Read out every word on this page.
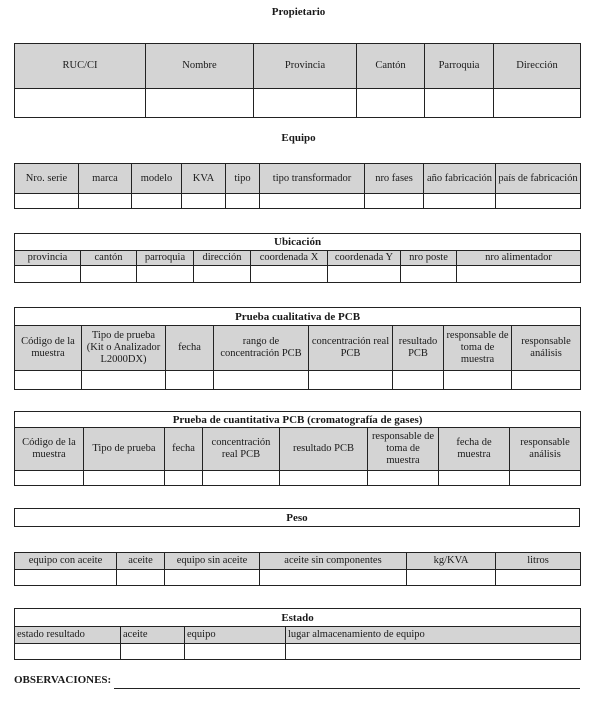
Propietario
RUC/CI	Nombre	Provincia	Cantón	Parroquia	Dirección

Equipo
Nro. serie	marca	modelo	KVA	tipo	tipo transformador	nro fases	año fabricación	país de fabricación

Ubicación							
provincia	cantón	parroquia	dirección	coordenada X	coordenada Y	nro poste	nro alimentador

Prueba cualitativa de PCB							
Código de la muestra	Tipo de prueba (Kit o Analizador L2000DX)	fecha	rango de concentración PCB	concentración real PCB	resultado PCB	responsable de toma de muestra	responsable análisis

Prueba de cuantitativa PCB (cromatografía de gases)							
Código de la muestra	Tipo de prueba	fecha	concentración real PCB	resultado PCB	responsable de toma de muestra	fecha de muestra	responsable análisis

Peso
equipo con aceite	aceite	equipo sin aceite	aceite sin componentes	kg/KVA	litros

Estado			
estado resultado	aceite	equipo	lugar almacenamiento de equipo

OBSERVACIONES:
